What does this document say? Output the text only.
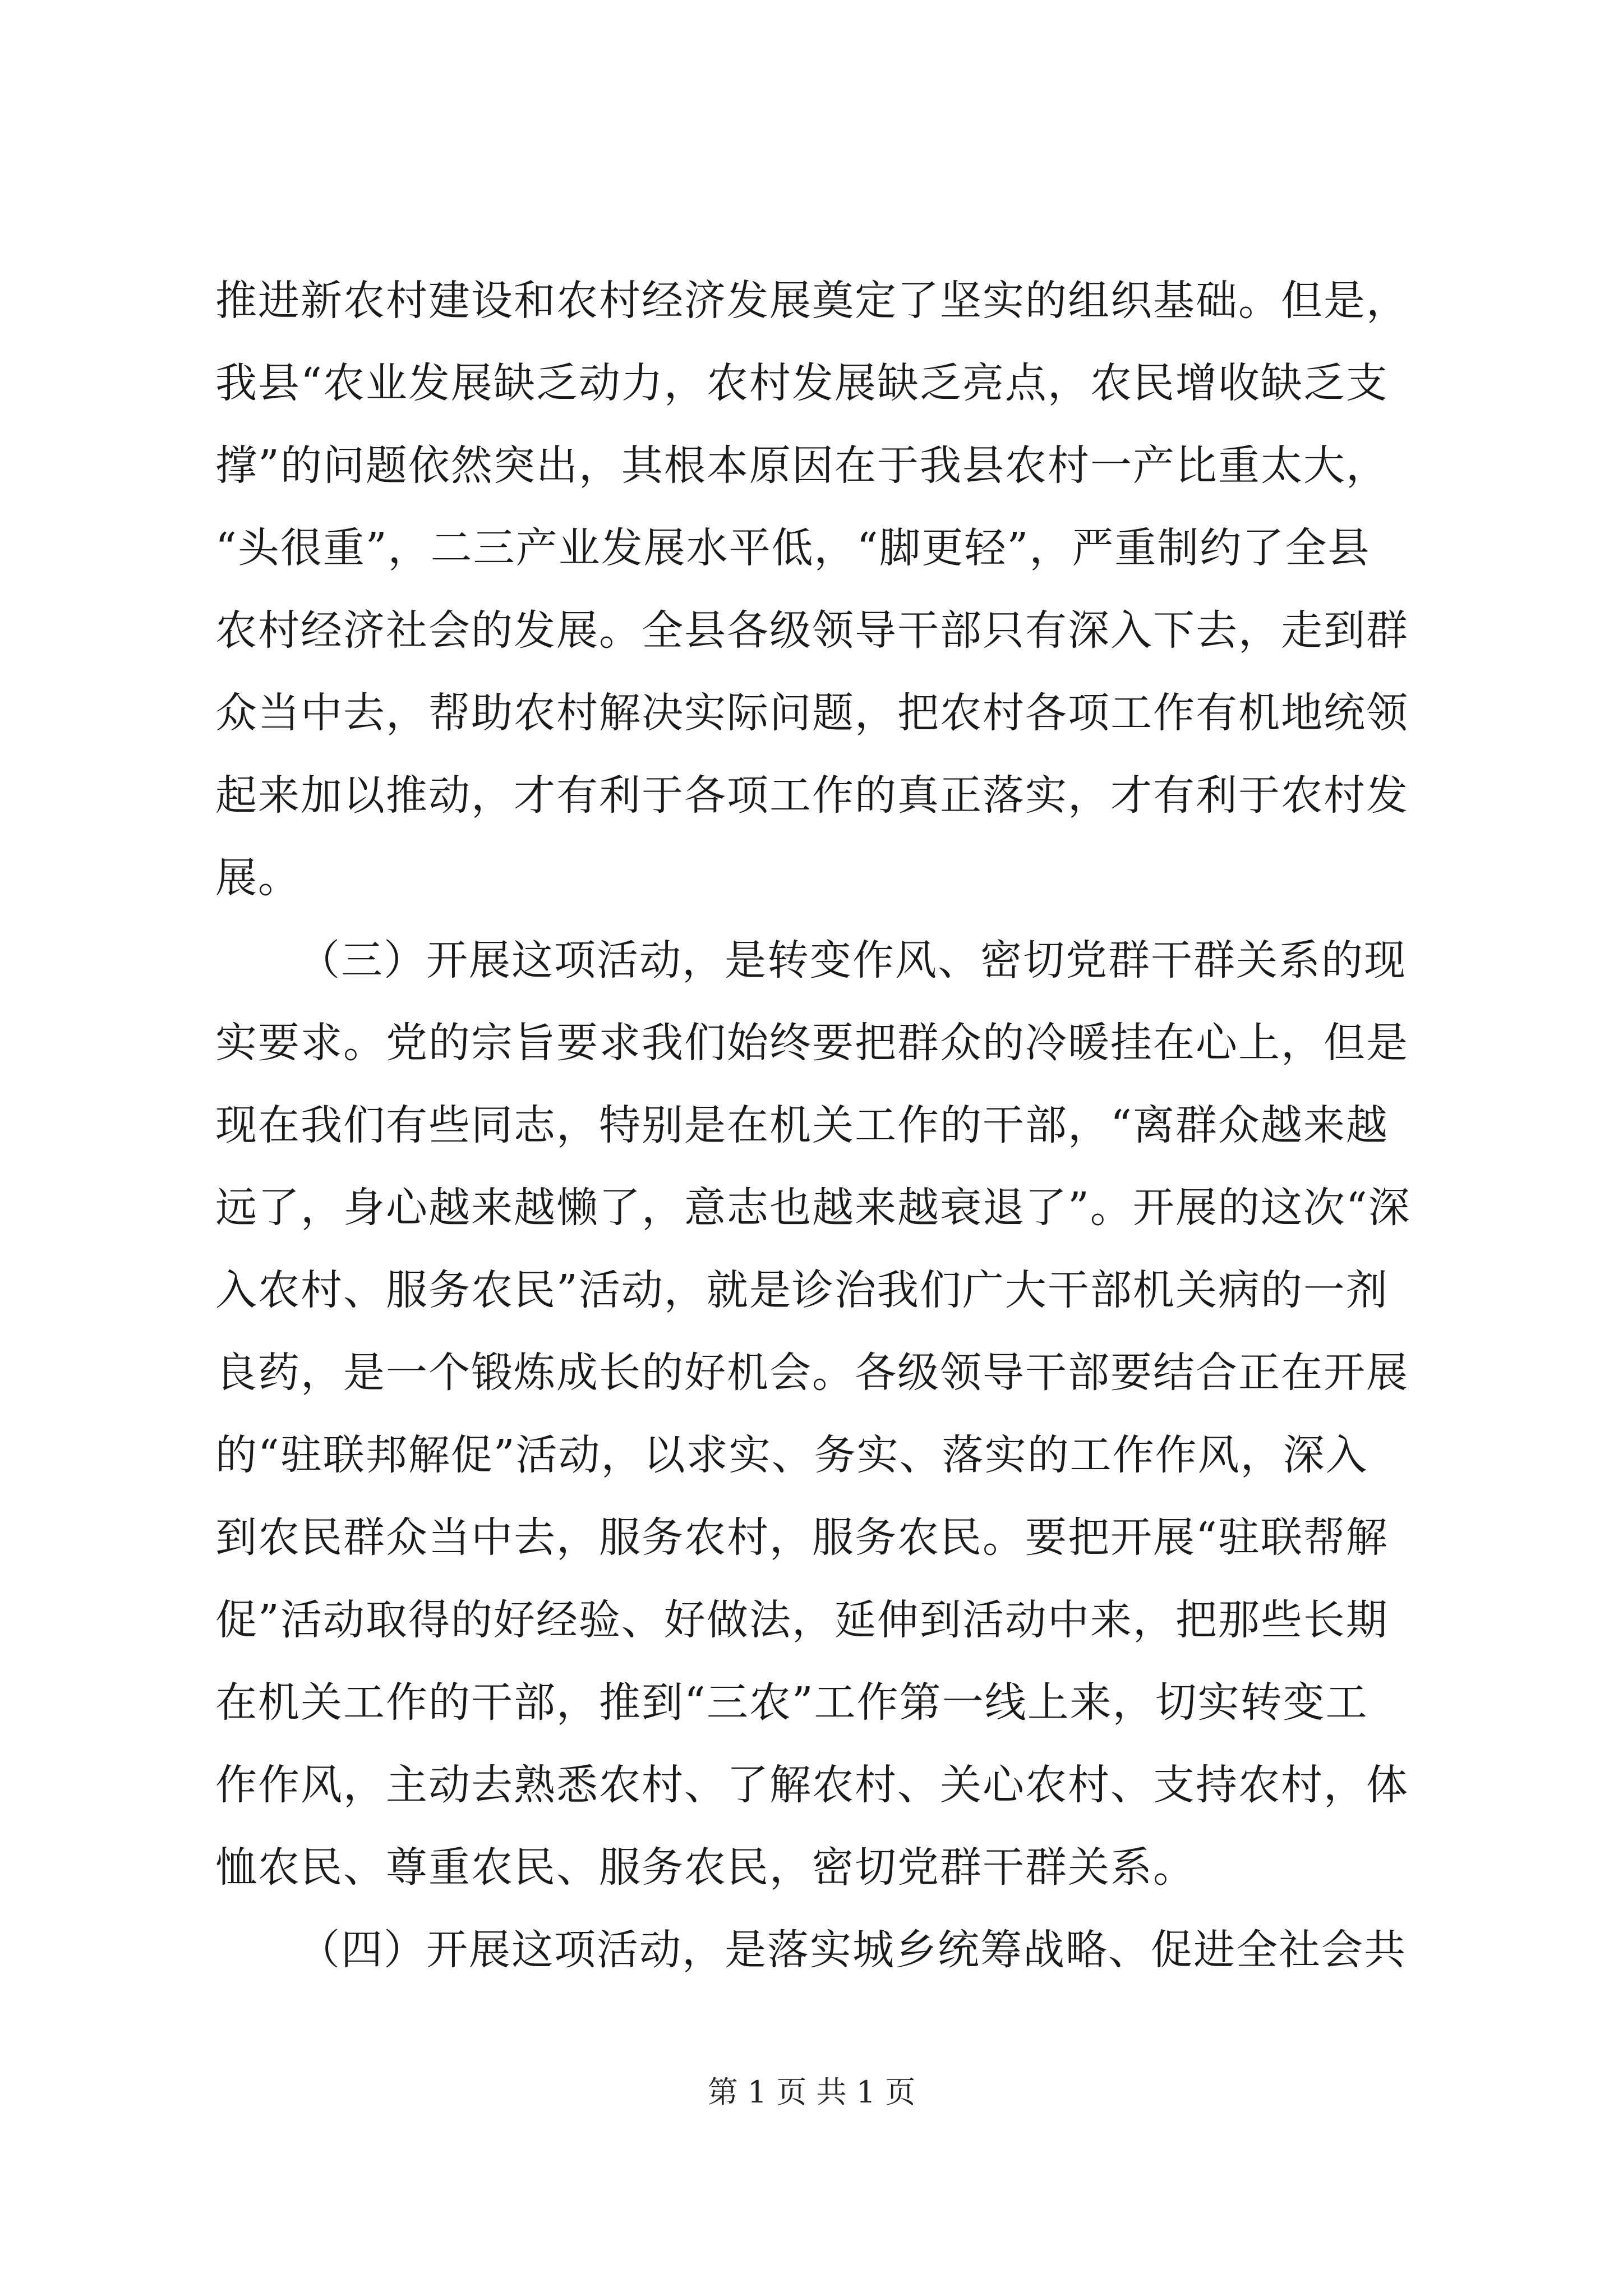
推进新农村建设和农村经济发展奠定了坚实的组织基础。但是，
我县“农业发展缺乏动力，农村发展缺乏亮点，农民增收缺乏支
撑”的问题依然突出，其根本原因在于我县农村一产比重太大，
“头很重”，二三产业发展水平低，“脚更轻”，严重制约了全县
农村经济社会的发展。全县各级领导干部只有深入下去，走到群
众当中去，帮助农村解决实际问题，把农村各项工作有机地统领
起来加以推动，才有利于各项工作的真正落实，才有利于农村发
展。
（三）开展这项活动，是转变作风、密切党群干群关系的现
实要求。党的宗旨要求我们始终要把群众的冷暖挂在心上，但是
现在我们有些同志，特别是在机关工作的干部，“离群众越来越
远了，身心越来越懒了，意志也越来越衰退了”。开展的这次“深
入农村、服务农民”活动，就是诊治我们广大干部机关病的一剂
良药，是一个锻炼成长的好机会。各级领导干部要结合正在开展
的“驻联邦解促”活动，以求实、务实、落实的工作作风，深入
到农民群众当中去，服务农村，服务农民。要把开展“驻联帮解
促”活动取得的好经验、好做法，延伸到活动中来，把那些长期
在机关工作的干部，推到“三农”工作第一线上来，切实转变工
作作风，主动去熟悉农村、了解农村、关心农村、支持农村，体
恤农民、尊重农民、服务农民，密切党群干群关系。
（四）开展这项活动，是落实城乡统筹战略、促进全社会共
第 1 页 共 1 页
